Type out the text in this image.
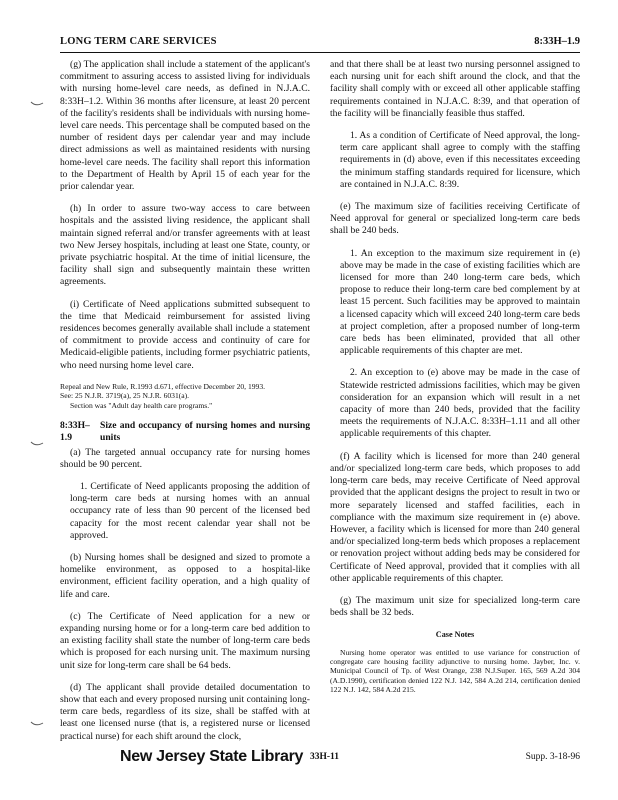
LONG TERM CARE SERVICES	8:33H–1.9

(g) The application shall include a statement of the applicant's commitment to assuring access to assisted living for individuals with nursing home-level care needs, as defined in N.J.A.C. 8:33H–1.2. Within 36 months after licensure, at least 20 percent of the facility's residents shall be individuals with nursing home-level care needs. This percentage shall be computed based on the number of resident days per calendar year and may include direct admissions as well as maintained residents with nursing home-level care needs. The facility shall report this information to the Department of Health by April 15 of each year for the prior calendar year.

(h) In order to assure two-way access to care between hospitals and the assisted living residence, the applicant shall maintain signed referral and/or transfer agreements with at least two New Jersey hospitals, including at least one State, county, or private psychiatric hospital. At the time of initial licensure, the facility shall sign and subsequently maintain these written agreements.

(i) Certificate of Need applications submitted subsequent to the time that Medicaid reimbursement for assisted living residences becomes generally available shall include a statement of commitment to provide access and continuity of care for Medicaid-eligible patients, including former psychiatric patients, who need nursing home level care.

Repeal and New Rule, R.1993 d.671, effective December 20, 1993.
See: 25 N.J.R. 3719(a), 25 N.J.R. 6031(a).
Section was "Adult day health care programs."
8:33H–1.9
Size and occupancy of nursing homes and nursing units

(a) The targeted annual occupancy rate for nursing homes should be 90 percent.

1. Certificate of Need applicants proposing the addition of long-term care beds at nursing homes with an annual occupancy rate of less than 90 percent of the licensed bed capacity for the most recent calendar year shall not be approved.

(b) Nursing homes shall be designed and sized to promote a homelike environment, as opposed to a hospital-like environment, efficient facility operation, and a high quality of life and care.

(c) The Certificate of Need application for a new or expanding nursing home or for a long-term care bed addition to an existing facility shall state the number of long-term care beds which is proposed for each nursing unit. The maximum nursing unit size for long-term care shall be 64 beds.

(d) The applicant shall provide detailed documentation to show that each and every proposed nursing unit containing long-term care beds, regardless of its size, shall be staffed with at least one licensed nurse (that is, a registered nurse or licensed practical nurse) for each shift around the clock,

and that there shall be at least two nursing personnel assigned to each nursing unit for each shift around the clock, and that the facility shall comply with or exceed all other applicable staffing requirements contained in N.J.A.C. 8:39, and that operation of the facility will be financially feasible thus staffed.

1. As a condition of Certificate of Need approval, the long-term care applicant shall agree to comply with the staffing requirements in (d) above, even if this necessitates exceeding the minimum staffing standards required for licensure, which are contained in N.J.A.C. 8:39.

(e) The maximum size of facilities receiving Certificate of Need approval for general or specialized long-term care beds shall be 240 beds.

1. An exception to the maximum size requirement in (e) above may be made in the case of existing facilities which are licensed for more than 240 long-term care beds, which propose to reduce their long-term care bed complement by at least 15 percent. Such facilities may be approved to maintain a licensed capacity which will exceed 240 long-term care beds at project completion, after a proposed number of long-term care beds has been eliminated, provided that all other applicable requirements of this chapter are met.

2. An exception to (e) above may be made in the case of Statewide restricted admissions facilities, which may be given consideration for an expansion which will result in a net capacity of more than 240 beds, provided that the facility meets the requirements of N.J.A.C. 8:33H–1.11 and all other applicable requirements of this chapter.

(f) A facility which is licensed for more than 240 general and/or specialized long-term care beds, which proposes to add long-term care beds, may receive Certificate of Need approval provided that the applicant designs the project to result in two or more separately licensed and staffed facilities, each in compliance with the maximum size requirement in (e) above. However, a facility which is licensed for more than 240 general and/or specialized long-term beds which proposes a replacement or renovation project without adding beds may be considered for Certificate of Need approval, provided that it complies with all other applicable requirements of this chapter.

(g) The maximum unit size for specialized long-term care beds shall be 32 beds.

Case Notes
Nursing home operator was entitled to use variance for construction of congregate care housing facility adjunctive to nursing home. Jayber, Inc. v. Municipal Council of Tp. of West Orange, 238 N.J.Super. 165, 569 A.2d 304 (A.D.1990), certification denied 122 N.J. 142, 584 A.2d 214, certification denied 122 N.J. 142, 584 A.2d 215.
New Jersey State Library 33H-11	Supp. 3-18-96
